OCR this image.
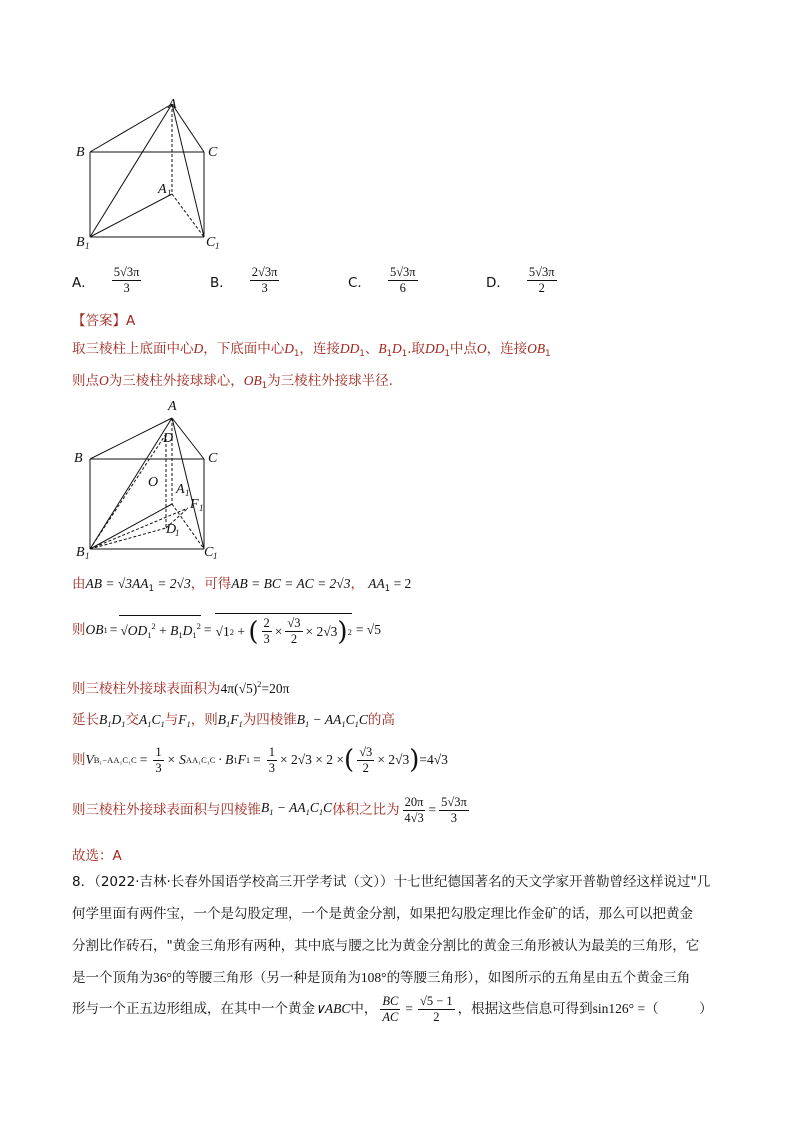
A
B	C
A 1
B 1	C 1
A． $\frac{5√3\pi}{3}$	B． $\frac{2√3\pi}{3}$	C． $\frac{5√3\pi}{6}$	D． $\frac{5√3\pi}{2}$
【答案】A
取三棱柱上底面中心D，下底面中心$D_1$，连接$DD_1$、$B_1D_1$.取$DD_1$中点O，连接$OB_1$
则点O为三棱柱外接球球心，$OB_1$为三棱柱外接球半径.
A
B	C
D
O A 1
F 1
D
1
B 1	C 1
由AB = $√3AA_1 = 2√3$，可得AB = BC = AC = 2√3， $AA_1 = 2$
则 OB $1 = √OD_1^2 + B_1D_1^2 = √1$ 2 + ( $\frac{2}{3} \times \frac{√3}{2} \times 2√3$ ) 2 = √5
则三棱柱外接球表面积为$4\pi(√5)^2=20\pi$
延长$B_1D_1$交$A_1C_1$与$F_1$，则$B_1F_1$为四棱锥$B_1 - AA_1C_1C$的高
则 V $B_1-AA_1C_1C = \frac{1}{3} \times S$ AA₁C₁C · B 1 F $1 = \frac{1}{3} \times 2√3 \times 2$ × ( $\frac{√3}{2} \times 2√3$ ) =4√3
则三棱柱外接球表面积与四棱锥 $B_1 - AA_1C_1C$ 体积之比为 $\frac{20\pi}{4√3} = \frac{5√3\pi}{3}$
故选：A
8．（2022·吉林·长春外国语学校高三开学考试（文））十七世纪德国著名的天文学家开普勒曾经这样说过"几
何学里面有两件宝，一个是勾股定理，一个是黄金分割，如果把勾股定理比作金矿的话，那么可以把黄金
分割比作砖石，"黄金三角形有两种，其中底与腰之比为黄金分割比的黄金三角形被认为最美的三角形，它
是一个顶角为36°的等腰三角形（另一种是顶角为108°的等腰三角形），如图所示的五角星由五个黄金三角
形与一个正五边形组成，在其中一个黄金 ∨ABC 中， $\frac{BC}{AC} = \frac{√5 - 1}{2}$ ，根据这些信息可得到 sin126° = （　　　）
